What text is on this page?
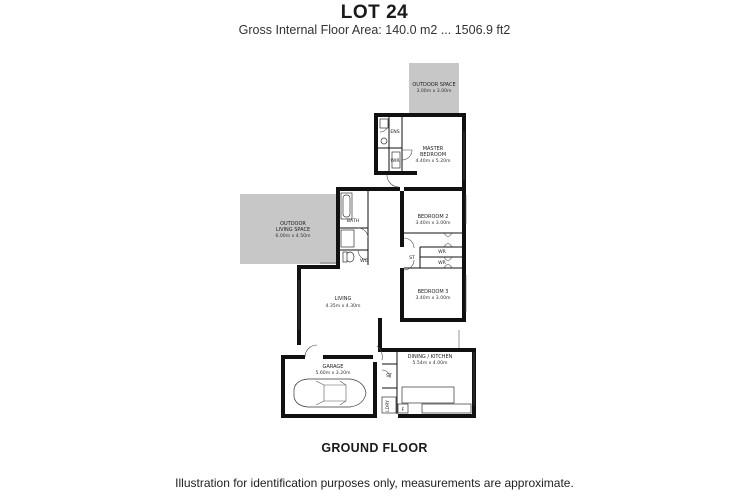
LOT 24
Gross Internal Floor Area: 140.0 m2 ... 1506.9 ft2
OUTDOOR SPACE
3.00m x 3.00m
MASTER
BEDROOM
4.40m x 5.20m
ENS
WIR
BEDROOM 2
3.40m x 3.00m
BATH
WC
ST
WR
WR
BEDROOM 3
3.40m x 3.00m
OUTDOOR
LIVING SPACE
6.00m x 4.50m
LIVING
4.35m x 4.30m
GARAGE
5.60m x 3.20m
DINING / KITCHEN
5.54m x 4.00m
ST
LDRY F
GROUND FLOOR
Illustration for identification purposes only, measurements are approximate.
